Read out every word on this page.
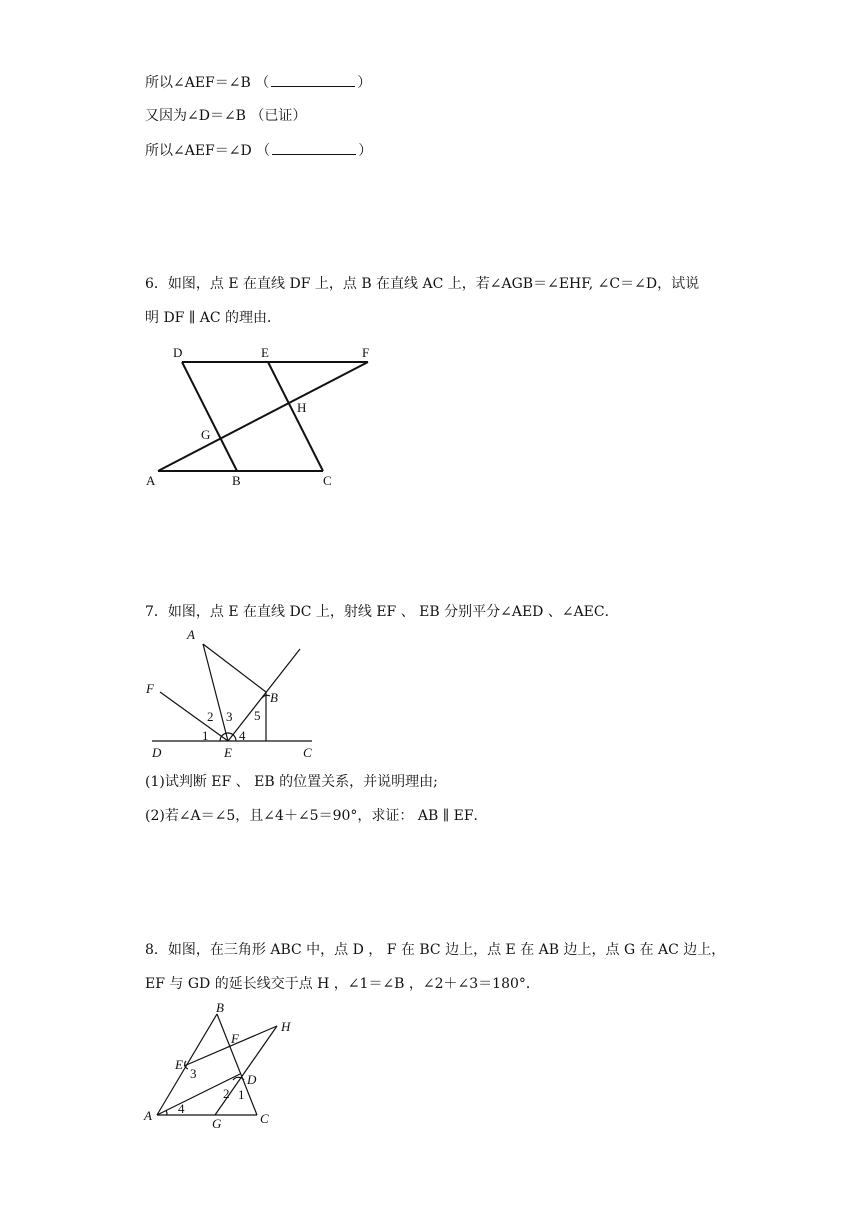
所以∠AEF＝∠B （	）
又因为∠D＝∠B （已证）
所以∠AEF＝∠D （	）
6．如图，点 E 在直线 DF 上，点 B 在直线 AC 上，若∠AGB＝∠EHF, ∠C＝∠D，试说
明 DF ∥ AC 的理由．
D	E	F
H
G
A	B	C
7．如图，点 E 在直线 DC 上，射线 EF 、 EB 分别平分∠AED 、∠AEC．
A
F
B
D	E	C
1
2 3
4
5
(1)试判断 EF 、 EB 的位置关系，并说明理由;
(2)若∠A＝∠5，且∠4＋∠5＝90°，求证： AB ∥ EF．
8．如图，在三角形 ABC 中，点 D ， F 在 BC 边上，点 E 在 AB 边上，点 G 在 AC 边上，
EF 与 GD 的延长线交于点 H ，∠1＝∠B ，∠2＋∠3＝180°．
B
H
F
E
3	D
2 1
A 4
G	C
